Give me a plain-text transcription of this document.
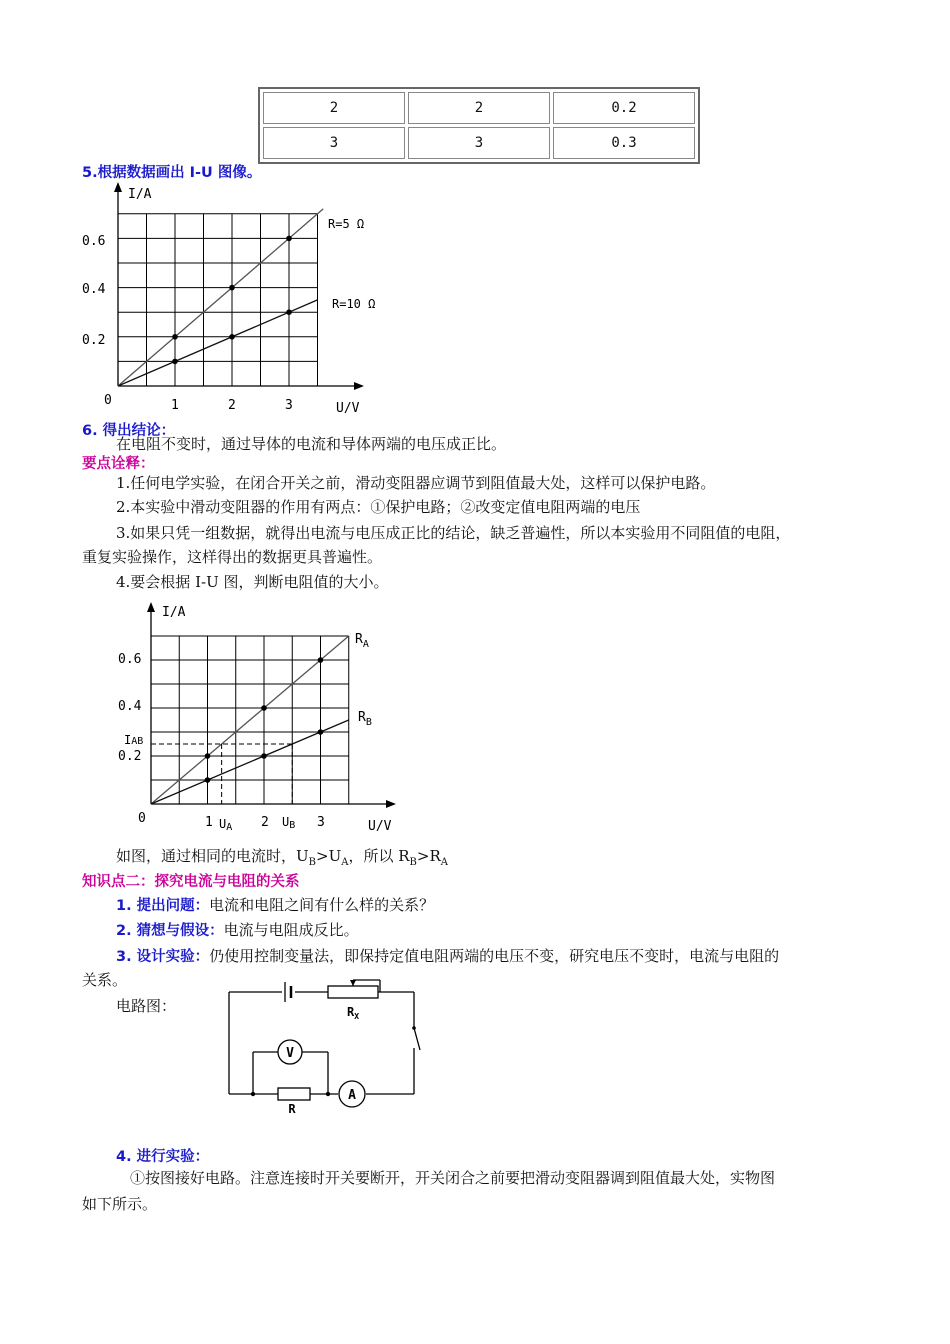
2	2	0.2
3	3	0.3
5.根据数据画出 I-U 图像。
I/A
U/V
0
0.2
0.4
0.6
1	2	3
R=5 Ω
R=10 Ω
6. 得出结论：
在电阻不变时，通过导体的电流和导体两端的电压成正比。
要点诠释：
1.任何电学实验，在闭合开关之前，滑动变阻器应调节到阻值最大处，这样可以保护电路。
2.本实验中滑动变阻器的作用有两点：①保护电路；②改变定值电阻两端的电压
3.如果只凭一组数据，就得出电流与电压成正比的结论，缺乏普遍性，所以本实验用不同阻值的电阻，
重复实验操作，这样得出的数据更具普遍性。
4.要会根据 I-U 图，判断电阻值的大小。
I/A
U/V
0
0.2
0.4
0.6
1	2	3
$R_A$
$R_B$
IAB
UA	UB
如图，通过相同的电流时，$U_B>U_A$，所以 $R_B>R_A$
知识点二：探究电流与电阻的关系
1. 提出问题：电流和电阻之间有什么样的关系？
2. 猜想与假设：电流与电阻成反比。
3. 设计实验：仍使用控制变量法，即保持定值电阻两端的电压不变，研究电压不变时，电流与电阻的
关系。
电路图：	$R_X$
V
A
R
4. 进行实验：
①按图接好电路。注意连接时开关要断开，开关闭合之前要把滑动变阻器调到阻值最大处，实物图
如下所示。
